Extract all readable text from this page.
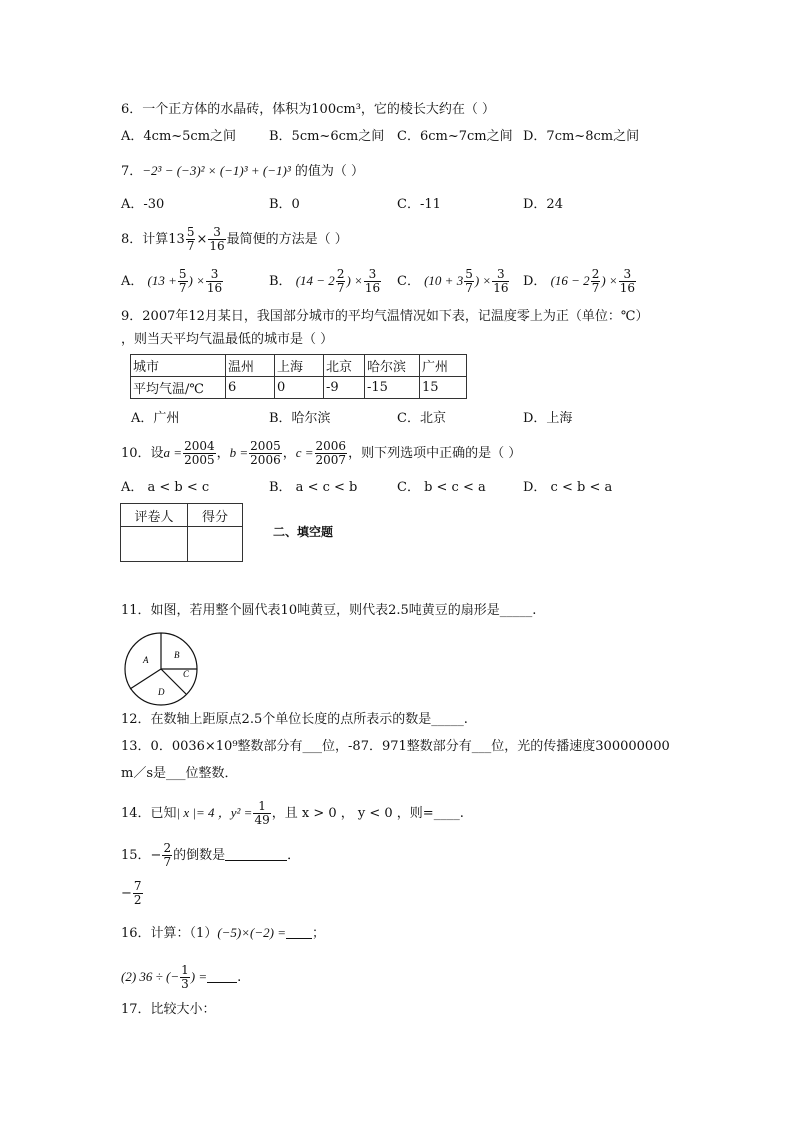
6．一个正方体的水晶砖，体积为100cm³，它的棱长大约在（ ）
A．4cm~5cm之间	B．5cm~6cm之间 C．6cm~7cm之间 D．7cm~8cm之间
7．−2³ − (−3)² × (−1)³ + (−1)³ 的值为（ ）
A．-30	B．0	C．-11	D．24
8．计算$13 \frac{5}{7} \times \frac{3}{16}$ 最简便的方法是（ ）
A． ($13 + \frac{5}{7}$ ) × $\frac{3}{16}$	B． ($14 - 2 \frac{2}{7}$ ) × $\frac{3}{16}$ C． ($10 + 3 \frac{5}{7}$ ) × $\frac{3}{16}$ D． ($16 - 2 \frac{2}{7}$ ) × $\frac{3}{16}$
9．2007年12月某日，我国部分城市的平均气温情况如下表，记温度零上为正（单位：℃）
，则当天平均气温最低的城市是（ ）
城市	温州	上海	北京	哈尔滨	广州
平均气温/℃	6	0	-9	-15	15
A．广州	B．哈尔滨	C．北京	D．上海
10．设$a = \frac{2004}{2005}$ ，$b = \frac{2005}{2006}$ ，$c = \frac{2006}{2007}$ ，则下列选项中正确的是（ ）
A． a < b < c	B． a < c < b	C． b < c < a	D． c < b < a
评卷人	得分

二、填空题
11．如图，若用整个圆代表10吨黄豆，则代表2.5吨黄豆的扇形是_____.
A	B
C
D
12．在数轴上距原点2.5个单位长度的点所表示的数是_____.
13．0．0036×10⁹整数部分有___位，-87．971整数部分有___位，光的传播速度300000000
m／s是___位整数．
14．已知| x |= 4 ，$y^2 = \frac{1}{49}$ ，且 x > 0 ， y < 0 ，则=____.
15．− $\frac{2}{7}$ 的倒数是	．
− $\frac{7}{2}$
16．计算：（1）(−5)×(−2) = ；
(2) 36 ÷ (− $\frac{1}{3}$ ) = .
17．比较大小：
